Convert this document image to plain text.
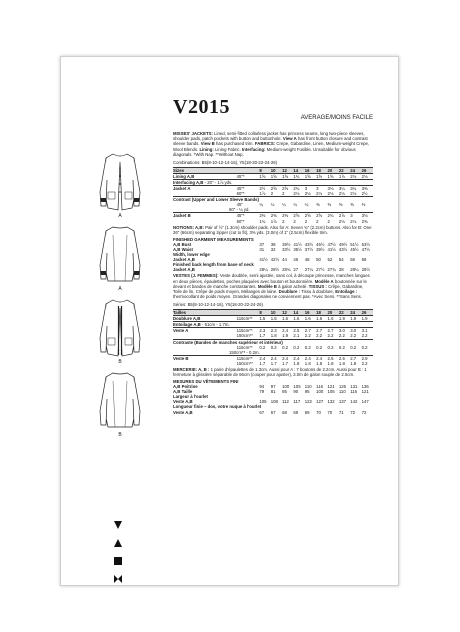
A
A
B
B

V2015	AVERAGE/MOINS FACILE

MISSES' JACKETS: Lined, semi-fitted collarless jacket has princess seams, long two-piece sleeves, shoulder pads, patch pockets with button and buttonhole. View A has front button closure and contrast sleeve bands. View B has purchased trim. FABRICS: Crepe, Gabardine, Linen, Medium-weight Crepe, Wool Blends. Lining: Lining Fabric. Interfacing: Medium-weight Fusible. Unsuitable for obvious diagonals. *With Nap. **Without Nap.

Combinations: B5(8-10-12-14-16), Y5(18-20-22-24-26)

Sizes		8	10	12	14	16	18	20	22	24	26
Lining A,B	45"*	1⅝	1⅝	1⅝	1¾	1⅝	1⅝	1⅝	1⅞	2⅛	2⅛
Interfacing A,B - 20" - 1⅞ yds.											
Jacket A	45"*	2½	2⅝	2⅝	2¾	3	3	3⅛	3¼	3¼	3⅜
	60"*	1⅞	2	2	2⅛	2⅛	2⅛	2⅛	2⅛	2⅛	2½
Contrast (Upper and Lower Sleeve Bands)											
	45"	¼	¼	¼	¼	¼	⅜	⅜	⅜	⅜	⅜
60" - ¼ yd.											
Jacket B	45"*	2⅜	2⅜	2⅜	2⅝	2⅝	2⅝	2¾	2⅞	3	3⅛
	60"*	1¾	1⅞	2	2	2	2	2	2⅛	2⅛	2⅜

NOTIONS: A,B: Pair of ½" (1.3cm) shoulder pads. Also for A: Seven ¾" (2.2cm) buttons. Also for B: One 26" (66cm) separating zipper (cut to fit), 3⅜ yds. (3.0m) of 1" (2.5cm) flexible trim.

FINISHED GARMENT MEASUREMENTS
A,B Bust		37	38	39½	41½	43½	45½	47½	49½	51½	53½
A,B Waist		31	32	33½	35½	37½	39½	41½	43½	45½	47½
Width, lower edge											
Jacket A,B		41½	42½	44	46	48	50	52	54	56	58
Finished back length from base of neck											
Jacket A,B		28¼	28½	28¾	27	27¼	27½	27¾	28	28¼	28½

VESTES (J. FEMMES): Veste doublée, semi ajustée, sans col, à découpe princesse, manches longues en deux pièces, épaulettes, poches plaquées avec bouton et boutonnière. Modèle A boutonnée sur le devant et bandes de manche contrastantes. Modèle B à galon acheté. TISSUS : Crêpe, Gabardine, Toile de lin, Crêpe de poids moyen, Mélanges de laine. Doublure : Tissu à doublure, Entoilage : thermocollant de poids moyen. Grandes diagonales ne conviennent pas. *Avec Sens. **Sans Sens.

Séries: B5(8-10-12-14-16), Y5(18-20-22-24-26)

Tailles		8	10	12	14	16	18	20	22	24	26
Doublure A,B	115cm**	1.5	1.5	1.6	1.6	1.6	1.6	1.6	1.9	1.9	1.9
Entoilage A,B - 51cm - 1.7m.											
Veste A	115cm**	2.3	2.3	2.4	2.5	2.7	2.7	2.7	3.0	3.0	3.1
	150cm**	1.7	1.8	1.9	2.1	2.2	2.2	2.2	2.2	2.2	2.2
Contraste (Bandes de manches supérieur et intérieur)											
	115cm**	0.2	0.2	0.2	0.2	0.2	0.2	0.2	0.2	0.2	0.2
150cm** - 0.2m.											
Veste B	115cm**	2.4	2.4	2.4	2.4	2.4	2.4	2.5	2.5	2.7	2.9
	150cm**	1.7	1.7	1.7	1.8	1.8	1.8	1.8	1.8	1.8	2.2

MERCERIE: A, B : 1 paire d'épaulettes de 1.3cm. Aussi pour A : 7 boutons de 2.2cm. Aussi pour B : 1 fermeture à glissière séparable de 66cm (couper pour ajuster), 3.0m de galon souple de 2.5cm.

MESURES DU VÊTEMENTS FINI
A,B Poitrine		94	97	100	105	110	116	121	126	131	136
A,B Taille		79	81	85	90	95	100	105	110	116	121
Largeur à l'ourlet											
Veste A,B		105	108	112	117	122	127	132	137	142	147
Longueur finie – dos, votre nuque à l'ourlet											
Veste A,B		67	67	68	69	69	70	70	71	72	72
